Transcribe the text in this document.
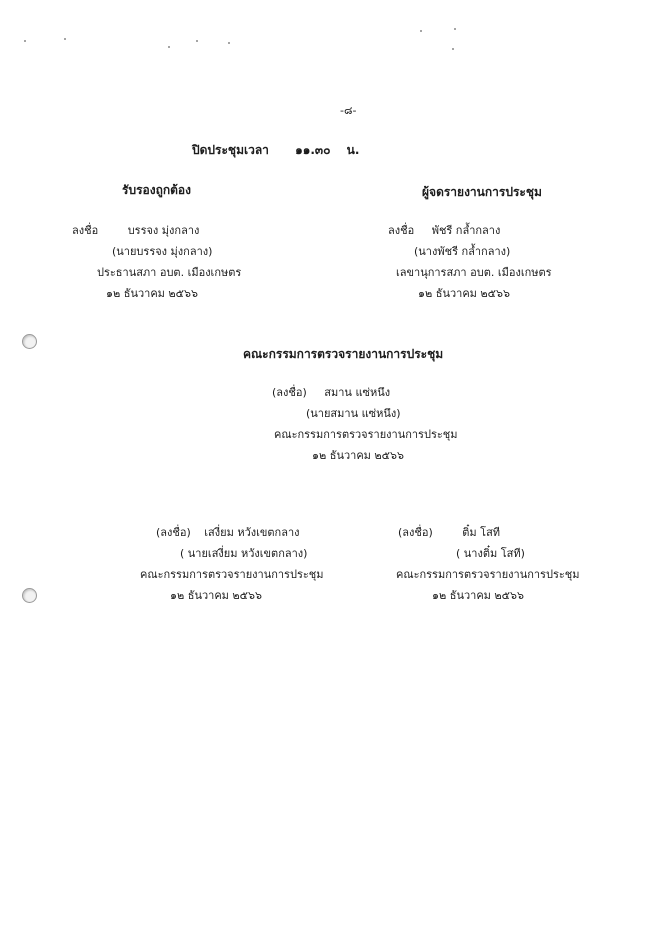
-๘-
ปิดประชุมเวลา ๑๑.๓๐ น.
รับรองถูกต้อง
ลงชื่อ	บรรจง มุ่งกลาง
(นายบรรจง มุ่งกลาง)
ประธานสภา อบต. เมืองเกษตร
๑๒ ธันวาคม ๒๕๖๖
ผู้จดรายงานการประชุม
ลงชื่อ พัชรี กล้ำกลาง
(นางพัชรี กล้ำกลาง)
เลขานุการสภา อบต. เมืองเกษตร
๑๒ ธันวาคม ๒๕๖๖
คณะกรรมการตรวจรายงานการประชุม
(ลงชื่อ) สมาน แซ่หนึง
(นายสมาน แซ่หนึง)
คณะกรรมการตรวจรายงานการประชุม
๑๒ ธันวาคม ๒๕๖๖
(ลงชื่อ) เสงี่ยม หวังเขตกลาง
( นายเสงี่ยม หวังเขตกลาง)
คณะกรรมการตรวจรายงานการประชุม
๑๒ ธันวาคม ๒๕๖๖
(ลงชื่อ)	ติ๋ม โสที
( นางติ๋ม โสที)
คณะกรรมการตรวจรายงานการประชุม
๑๒ ธันวาคม ๒๕๖๖
